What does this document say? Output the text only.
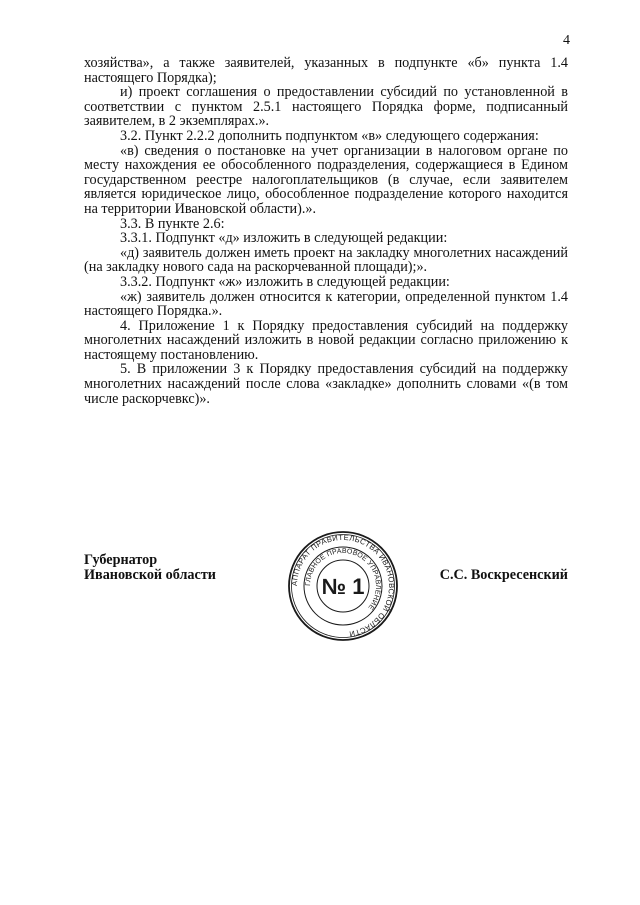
4

хозяйства», а также заявителей, указанных в подпункте «б» пункта 1.4 настоящего Порядка);

и) проект соглашения о предоставлении субсидий по установленной в соответствии с пунктом 2.5.1 настоящего Порядка форме, подписанный заявителем, в 2 экземплярах.».

3.2. Пункт 2.2.2 дополнить подпунктом «в» следующего содержания:

«в) сведения о постановке на учет организации в налоговом органе по месту нахождения ее обособленного подразделения, содержащиеся в Едином государственном реестре налогоплательщиков (в случае, если заявителем является юридическое лицо, обособленное подразделение которого находится на территории Ивановской области).».

3.3. В пункте 2.6:

3.3.1. Подпункт «д» изложить в следующей редакции:

«д) заявитель должен иметь проект на закладку многолетних насаждений (на закладку нового сада на раскорчеванной площади);».

3.3.2. Подпункт «ж» изложить в следующей редакции:

«ж) заявитель должен относится к категории, определенной пунктом 1.4 настоящего Порядка.».

4. Приложение 1 к Порядку предоставления субсидий на поддержку многолетних насаждений изложить в новой редакции согласно приложению к настоящему постановлению.

5. В приложении 3 к Порядку предоставления субсидий на поддержку многолетних насаждений после слова «закладке» дополнить словами «(в том числе раскорчевкс)».

Губернатор
Ивановской области
АППАРАТ ПРАВИТЕЛЬСТВА ИВАНОВСКОЙ ОБЛАСТИ
ГЛАВНОЕ ПРАВОВОЕ УПРАВЛЕНИЕ
№ 1	С.С. Воскресенский
